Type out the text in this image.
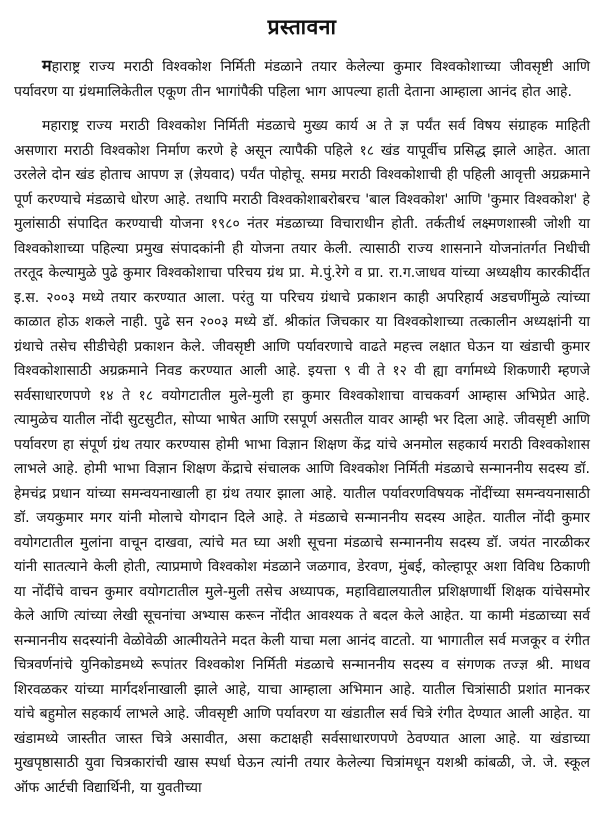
प्रस्तावना

महाराष्ट्र राज्य मराठी विश्वकोश निर्मिती मंडळाने तयार केलेल्या कुमार विश्वकोशाच्या जीवसृष्टी आणि पर्यावरण या ग्रंथमालिकेतील एकूण तीन भागांपैकी पहिला भाग आपल्या हाती देताना आम्हाला आनंद होत आहे.

महाराष्ट्र राज्य मराठी विश्वकोश निर्मिती मंडळाचे मुख्य कार्य अ ते ज्ञ पर्यंत सर्व विषय संग्राहक माहिती असणारा मराठी विश्वकोश निर्माण करणे हे असून त्यापैकी पहिले १८ खंड यापूर्वीच प्रसिद्ध झाले आहेत. आता उरलेले दोन खंड होताच आपण ज्ञ (ज्ञेयवाद) पर्यंत पोहोचू. समग्र मराठी विश्वकोशाची ही पहिली आवृत्ती अग्रक्रमाने पूर्ण करण्याचे मंडळाचे धोरण आहे. तथापि मराठी विश्वकोशाबरोबरच 'बाल विश्वकोश' आणि 'कुमार विश्वकोश' हे मुलांसाठी संपादित करण्याची योजना १९८० नंतर मंडळाच्या विचाराधीन होती. तर्कतीर्थ लक्ष्मणशास्त्री जोशी या विश्वकोशाच्या पहिल्या प्रमुख संपादकांनी ही योजना तयार केली. त्यासाठी राज्य शासनाने योजनांतर्गत निधीची तरतूद केल्यामुळे पुढे कुमार विश्वकोशाचा परिचय ग्रंथ प्रा. मे.पुं.रेगे व प्रा. रा.ग.जाधव यांच्या अध्यक्षीय कारकीर्दीत इ.स. २००३ मध्ये तयार करण्यात आला. परंतु या परिचय ग्रंथाचे प्रकाशन काही अपरिहार्य अडचणींमुळे त्यांच्या काळात होऊ शकले नाही. पुढे सन २००३ मध्ये डॉ. श्रीकांत जिचकार या विश्वकोशाच्या तत्कालीन अध्यक्षांनी या ग्रंथाचे तसेच सीडीचेही प्रकाशन केले. जीवसृष्टी आणि पर्यावरणाचे वाढते महत्त्व लक्षात घेऊन या खंडाची कुमार विश्वकोशासाठी अग्रक्रमाने निवड करण्यात आली आहे. इयत्ता ९ वी ते १२ वी ह्या वर्गामध्ये शिकणारी म्हणजे सर्वसाधारणपणे १४ ते १८ वयोगटातील मुले-मुली हा कुमार विश्वकोशाचा वाचकवर्ग आम्हास अभिप्रेत आहे. त्यामुळेच यातील नोंदी सुटसुटीत, सोप्या भाषेत आणि रसपूर्ण असतील यावर आम्ही भर दिला आहे. जीवसृष्टी आणि पर्यावरण हा संपूर्ण ग्रंथ तयार करण्यास होमी भाभा विज्ञान शिक्षण केंद्र यांचे अनमोल सहकार्य मराठी विश्वकोशास लाभले आहे. होमी भाभा विज्ञान शिक्षण केंद्राचे संचालक आणि विश्वकोश निर्मिती मंडळाचे सन्माननीय सदस्य डॉ. हेमचंद्र प्रधान यांच्या समन्वयनाखाली हा ग्रंथ तयार झाला आहे. यातील पर्यावरणविषयक नोंदींच्या समन्वयनासाठी डॉ. जयकुमार मगर यांनी मोलाचे योगदान दिले आहे. ते मंडळाचे सन्माननीय सदस्य आहेत. यातील नोंदी कुमार वयोगटातील मुलांना वाचून दाखवा, त्यांचे मत घ्या अशी सूचना मंडळाचे सन्माननीय सदस्य डॉ. जयंत नारळीकर यांनी सातत्याने केली होती, त्याप्रमाणे विश्वकोश मंडळाने जळगाव, डेरवण, मुंबई, कोल्हापूर अशा विविध ठिकाणी या नोंदींचे वाचन कुमार वयोगटातील मुले-मुली तसेच अध्यापक, महाविद्यालयातील प्रशिक्षणार्थी शिक्षक यांचेसमोर केले आणि त्यांच्या लेखी सूचनांचा अभ्यास करून नोंदीत आवश्यक ते बदल केले आहेत. या कामी मंडळाच्या सर्व सन्माननीय सदस्यांनी वेळोवेळी आत्मीयतेने मदत केली याचा मला आनंद वाटतो. या भागातील सर्व मजकूर व रंगीत चित्रवर्णनांचे युनिकोडमध्ये रूपांतर विश्वकोश निर्मिती मंडळाचे सन्माननीय सदस्य व संगणक तज्ज्ञ श्री. माधव शिरवळकर यांच्या मार्गदर्शनाखाली झाले आहे, याचा आम्हाला अभिमान आहे. यातील चित्रांसाठी प्रशांत मानकर यांचे बहुमोल सहकार्य लाभले आहे. जीवसृष्टी आणि पर्यावरण या खंडातील सर्व चित्रे रंगीत देण्यात आली आहेत. या खंडामध्ये जास्तीत जास्त चित्रे असावीत, असा कटाक्षही सर्वसाधारणपणे ठेवण्यात आला आहे. या खंडाच्या मुखपृष्ठासाठी युवा चित्रकारांची खास स्पर्धा घेऊन त्यांनी तयार केलेल्या चित्रांमधून यशश्री कांबळी, जे. जे. स्कूल ऑफ आर्टची विद्यार्थिनी, या युवतीच्या
